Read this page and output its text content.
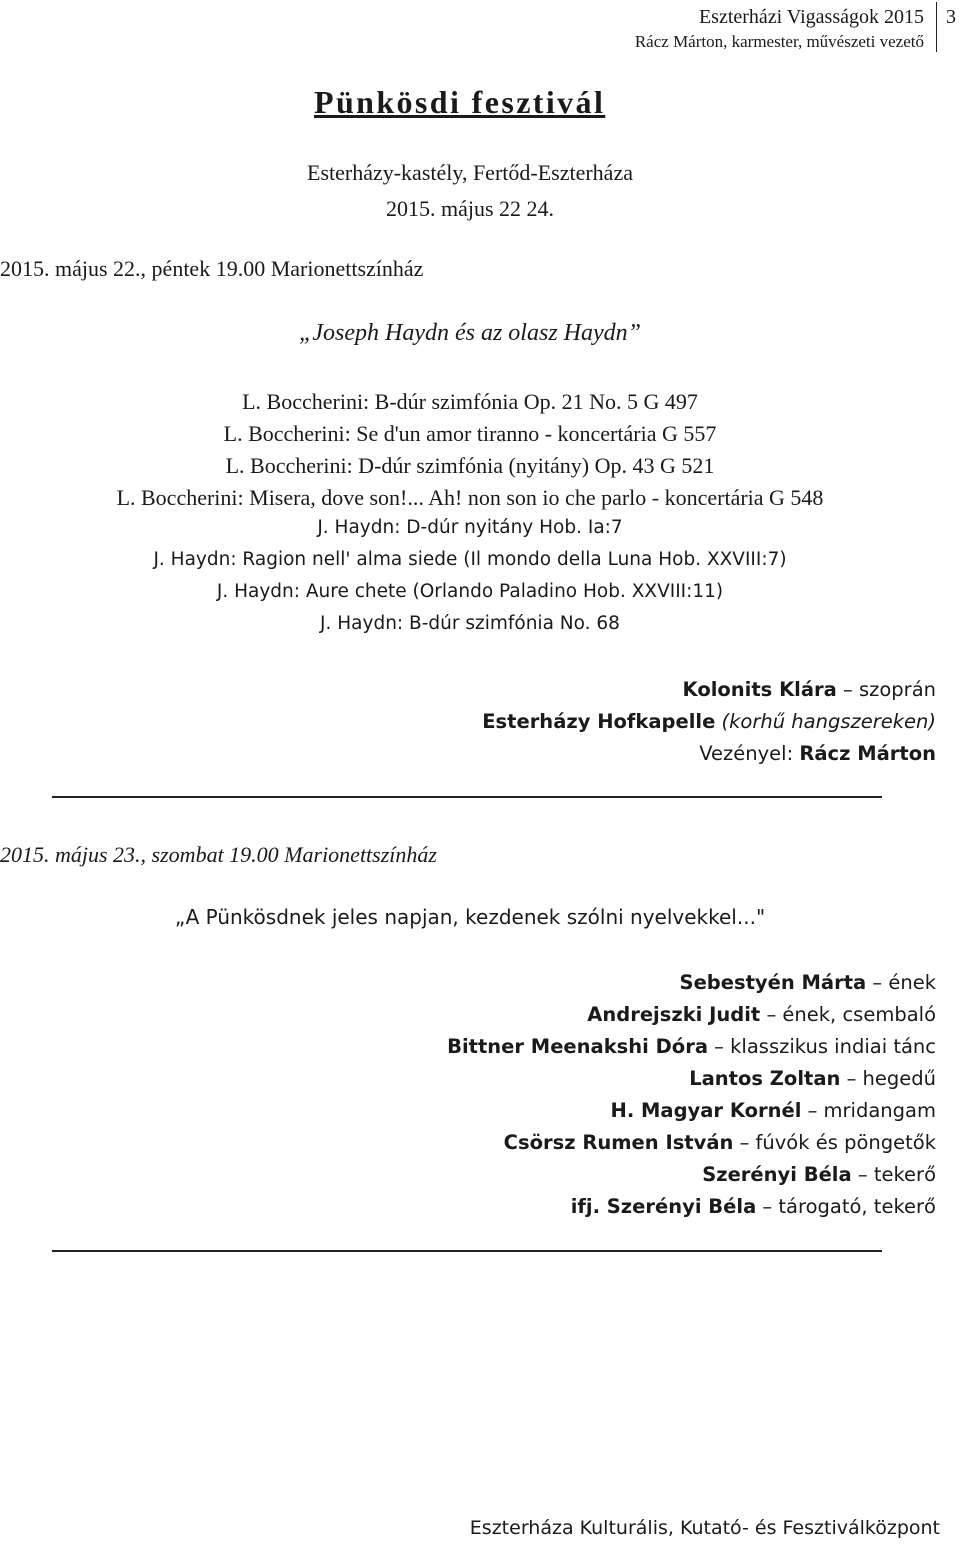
Eszterházi Vigasságok 2015
Rácz Márton, karmester, művészeti vezető
3
Pünkösdi fesztivál
Esterházy-kastély, Fertőd-Eszterháza
2015. május 22 24.
2015. május 22., péntek 19.00 Marionettszínház
„Joseph Haydn és az olasz Haydn”
L. Boccherini: B-dúr szimfónia Op. 21 No. 5 G 497
L. Boccherini: Se d'un amor tiranno - koncertária G 557
L. Boccherini: D-dúr szimfónia (nyitány) Op. 43 G 521
L. Boccherini: Misera, dove son!... Ah! non son io che parlo - koncertária G 548
J. Haydn: D-dúr nyitány Hob. Ia:7
J. Haydn: Ragion nell' alma siede (Il mondo della Luna Hob. XXVIII:7)
J. Haydn: Aure chete (Orlando Paladino Hob. XXVIII:11)
J. Haydn: B-dúr szimfónia No. 68
Kolonits Klára – szoprán
Esterházy Hofkapelle (korhű hangszereken)
Vezényel: Rácz Márton
2015. május 23., szombat 19.00 Marionettszínház
„A Pünkösdnek jeles napjan, kezdenek szólni nyelvekkel..."
Sebestyén Márta – ének
Andrejszki Judit – ének, csembaló
Bittner Meenakshi Dóra – klasszikus indiai tánc
Lantos Zoltan – hegedű
H. Magyar Kornél – mridangam
Csörsz Rumen István – fúvók és pöngetők
Szerényi Béla – tekerő
ifj. Szerényi Béla – tárogató, tekerő
Eszterháza Kulturális, Kutató- és Fesztiválközpont
